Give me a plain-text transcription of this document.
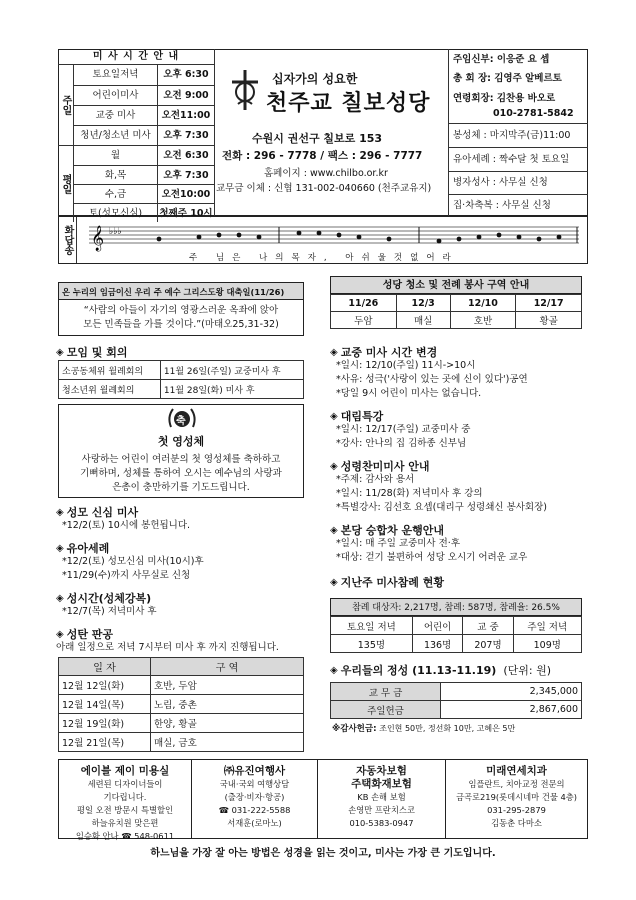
미 사 시 간 안 내
주일
토요일저녁	오후 6:30
어린이미사	오전 9:00
교중 미사	오전11:00
청년/청소년 미사	오후 7:30
평일
월	오전 6:30
화,목	오후 7:30
수,금	오전10:00
토(성모신심)	첫째주 10시
십자가의 성요한
천주교 칠보성당
수원시 권선구 칠보로 153
전화 : 296 - 7778 / 팩스 : 296 - 7777
홈페이지 : www.chilbo.or.kr
교무금 이체 : 신협 131-002-040660 (천주교유지)
주임신부: 이응준 요 셉
총 회 장: 김영주 알베르토
연령회장: 김찬용 바오로
010-2781-5842
봉성체 : 마지막주(금)11:00
유아세례 : 짝수달 첫 토요일
병자성사 : 사무실 신청
집·차축복 : 사무실 신청
화답송 𝄞 ♭♭♭
주 님은 나의목자, 아쉬울것없어라
온 누리의 임금이신 우리 주 예수 그리스도왕 대축일(11/26)
“사람의 아들이 자기의 영광스러운 옥좌에 앉아
모든 민족들을 가를 것이다.”(마태오25,31-32)
◈ 모임 및 회의
소공동체위 월례회의	11월 26일(주일) 교중미사 후
청소년위 월례회의	11월 28일(화) 미사 후
축
첫 영성체
사랑하는 어린이 여러분의 첫 영성체를 축하하고
기뻐하며, 성체를 통하여 오시는 예수님의 사랑과
은총이 충만하기를 기도드립니다.
◈ 성모 신심 미사
*12/2(토) 10시에 봉헌됩니다.
◈ 유아세례
*12/2(토) 성모신심 미사(10시)후
*11/29(수)까지 사무실로 신청
◈ 성시간(성체강복)
*12/7(목) 저녁미사 후
◈ 성탄 판공
아래 일정으로 저녁 7시부터 미사 후 까지 진행됩니다.
일 자	구 역
12월 12일(화)	호반, 두암
12월 14일(목)	노림, 중촌
12월 19일(화)	한양, 황골
12월 21일(목)	매실, 금호
성당 청소 및 전례 봉사 구역 안내
11/26	12/3	12/10	12/17
두암	매실	호반	황골
◈ 교중 미사 시간 변경
*일시: 12/10(주일) 11시->10시
*사유: 성극('사랑이 있는 곳에 신이 있다')공연
*당일 9시 어린이 미사는 없습니다.
◈ 대림특강
*일시: 12/17(주일) 교중미사 중
*강사: 안나의 집 김하종 신부님
◈ 성령찬미미사 안내
*주제: 감사와 용서
*일시: 11/28(화) 저녁미사 후 강의
*특별강사: 김선호 요셉(대리구 성령쇄신 봉사회장)
◈ 본당 승합차 운행안내
*일시: 매 주일 교중미사 전·후
*대상: 걷기 불편하여 성당 오시기 어려운 교우
◈ 지난주 미사참례 현황
참례 대상자: 2,217명, 참례: 587명, 참례율: 26.5%
토요일 저녁	어린이	교 중	주일 저녁
135명	136명	207명	109명
◈ 우리들의 정성 (11.13-11.19) (단위: 원)
교 무 금	2,345,000
주일헌금	2,867,600
※감사헌금: 조인현 50만, 정선화 10만, 고혜은 5만
에이블 제이 미용실
세련된 디자이너들이
기다립니다.
평일 오전 방문시 특별할인
하늘유치원 맞은편
임승화 안나 ☎ 548-0611
㈜유진여행사
국내·국외 여행상담
(출장·비자·항공)
☎ 031-222-5588
서재훈(로마노)
자동차보험
주택화재보험
KB 손해 보험
손영만 프란치스코
010-5383-0947
미래연세치과
임플란트, 치아교정 전문의
금곡로219(롯데시네마 건물 4층)
031-295-2879
김동춘 다마소
하느님을 가장 잘 아는 방법은 성경을 읽는 것이고, 미사는 가장 큰 기도입니다.
